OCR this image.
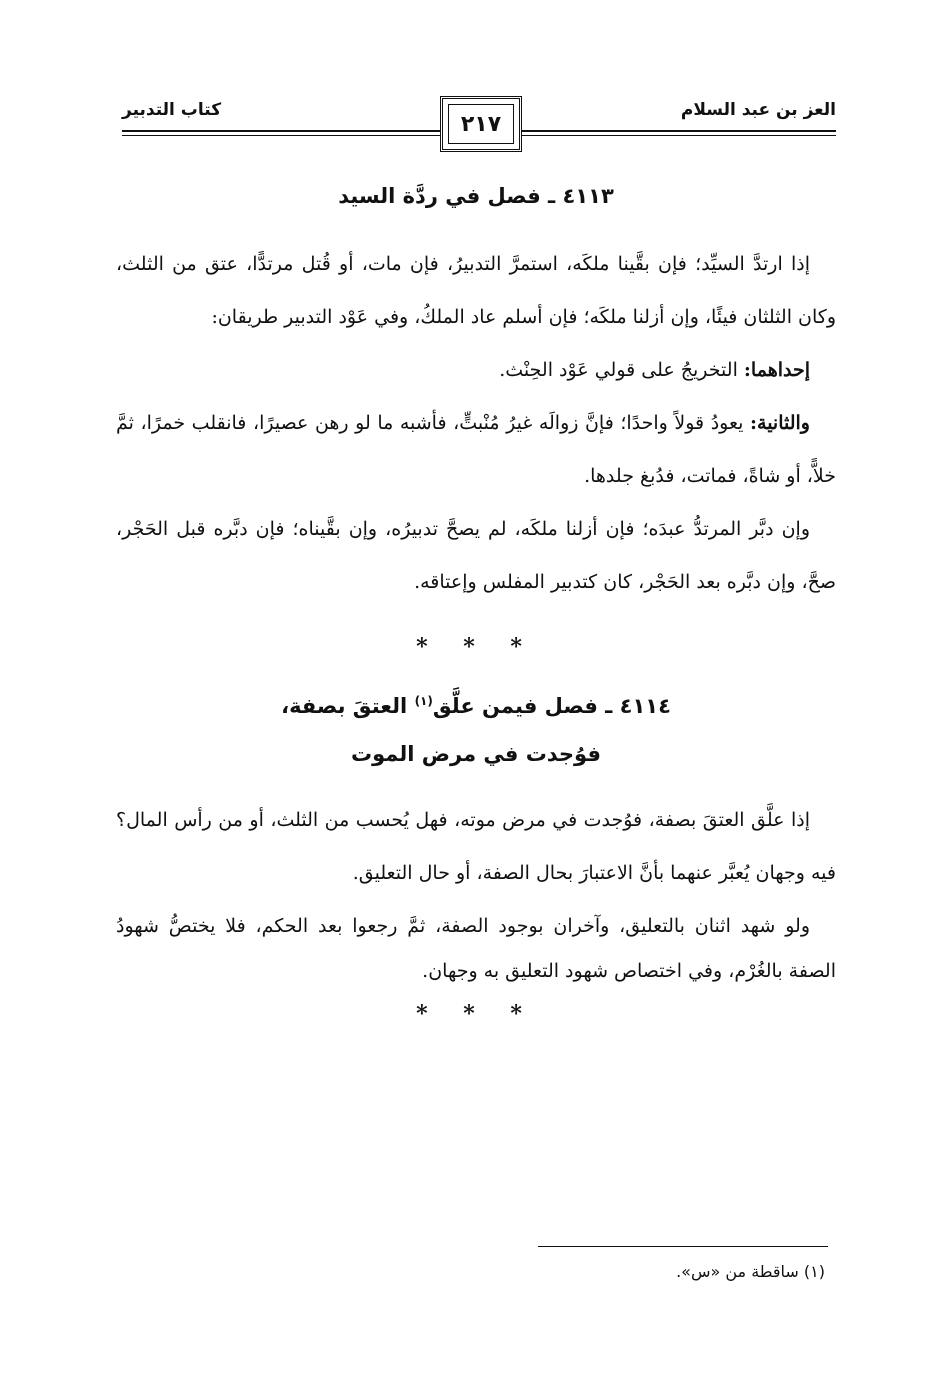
العز بن عبد السلام
كتاب التدبير
٢١٧
٤١١٣ ـ فصل في ردَّة السيد

إذا ارتدَّ السيِّد؛ فإن بقَّينا ملكَه، استمرَّ التدبيرُ، فإن مات، أو قُتل مرتدًّا، عتق من الثلث، وكان الثلثان فيئًا، وإن أزلنا ملكَه؛ فإن أسلم عاد الملكُ، وفي عَوْد التدبير طريقان:

إحداهما: التخريجُ على قولي عَوْد الحِنْث.

والثانية: يعودُ قولاً واحدًا؛ فإنَّ زوالَه غيرُ مُنْبتٍّ، فأشبه ما لو رهن عصيرًا، فانقلب خمرًا، ثمَّ خلاًّ، أو شاةً، فماتت، فدُبغ جلدها.

وإن دبَّر المرتدُّ عبدَه؛ فإن أزلنا ملكَه، لم يصحَّ تدبيرُه، وإن بقَّيناه؛ فإن دبَّره قبل الحَجْر، صحَّ، وإن دبَّره بعد الحَجْر، كان كتدبير المفلس وإعتاقه.

* * *
٤١١٤ ـ فصل فيمن علَّق$^{(١)}$ العتقَ بصفة،
فوُجدت في مرض الموت

إذا علَّق العتقَ بصفة، فوُجدت في مرض موته، فهل يُحسب من الثلث، أو من رأس المال؟ فيه وجهان يُعبَّر عنهما بأنَّ الاعتبارَ بحال الصفة، أو حال التعليق.

ولو شهد اثنان بالتعليق، وآخران بوجود الصفة، ثمَّ رجعوا بعد الحكم، فلا يختصُّ شهودُ الصفة بالغُرْم، وفي اختصاص شهود التعليق به وجهان.

* * *
(١) ساقطة من «س».
